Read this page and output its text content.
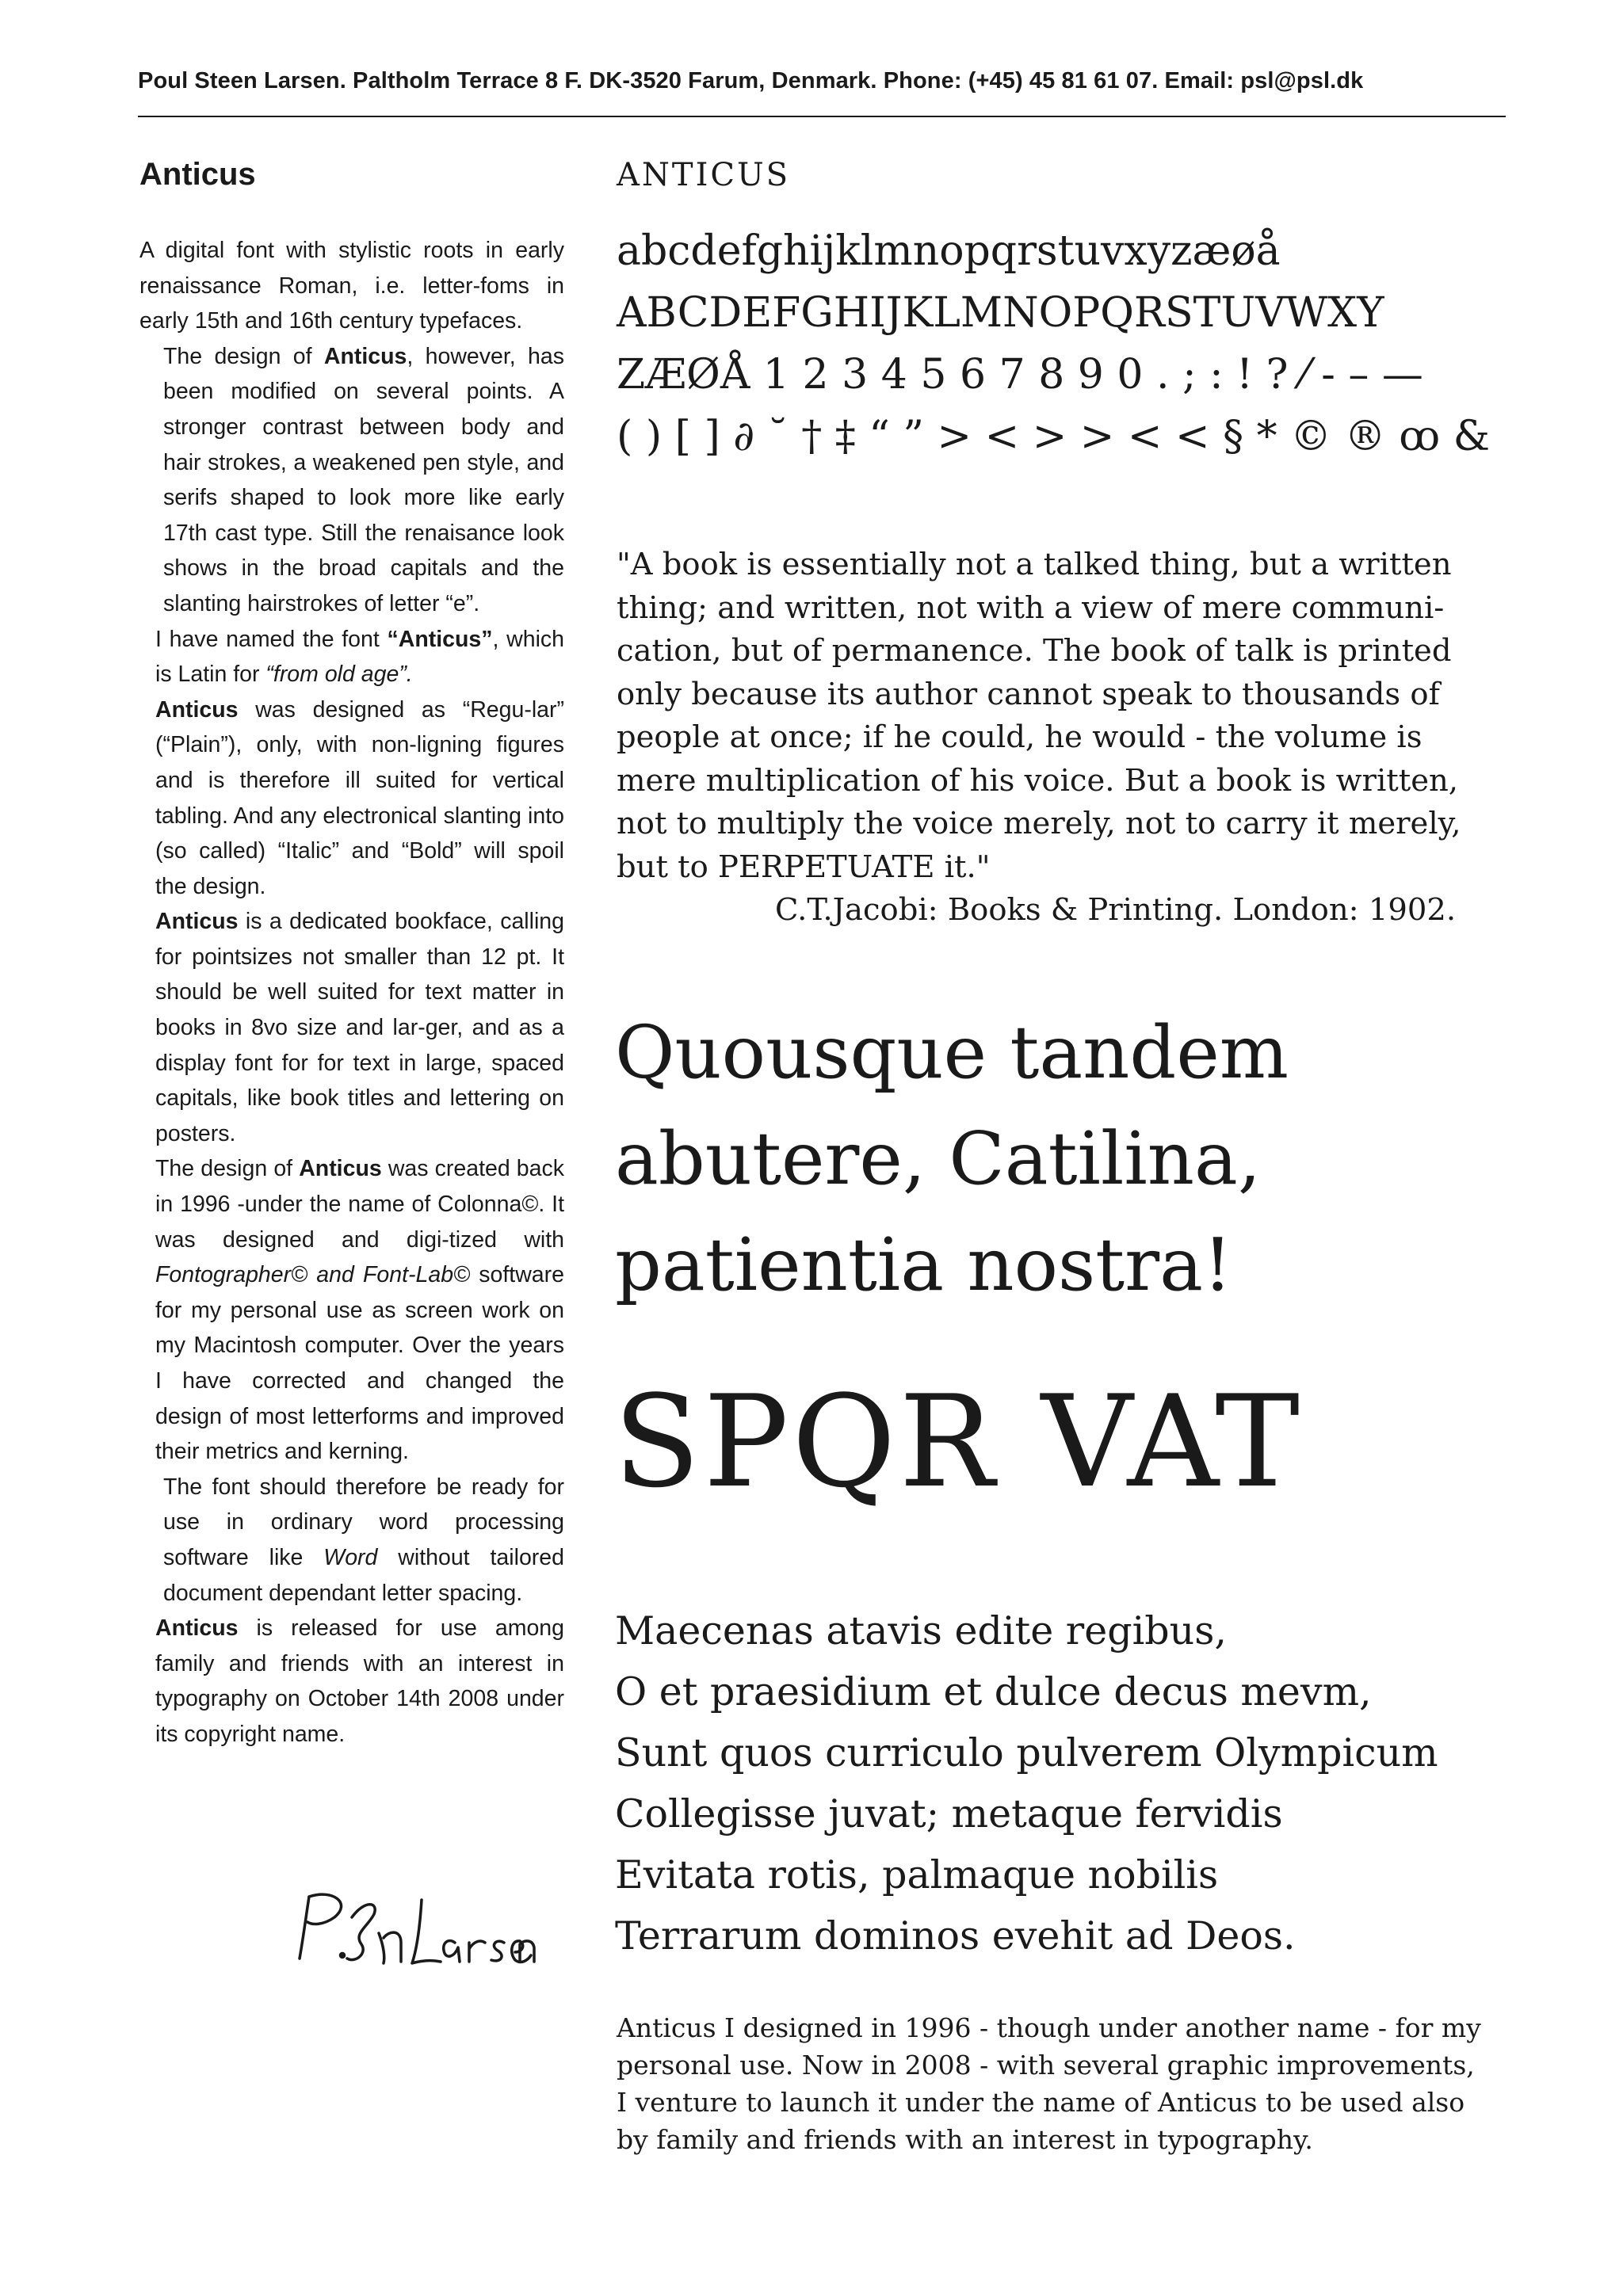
Poul Steen Larsen. Paltholm Terrace 8 F. DK-3520 Farum, Denmark. Phone: (+45) 45 81 61 07. Email: psl@psl.dk
Anticus

A digital font with stylistic roots in early renaissance Roman, i.e. letter-foms in early 15th and 16th century typefaces.

The design of Anticus, however, has been modified on several points. A stronger contrast between body and hair strokes, a weakened pen style, and serifs shaped to look more like early 17th cast type. Still the renaisance look shows in the broad capitals and the slanting hairstrokes of letter “e”.

I have named the font “Anticus”, which is Latin for “from old age”.

Anticus was designed as “Regu-lar” (“Plain”), only, with non-ligning figures and is therefore ill suited for vertical tabling. And any electronical slanting into (so called) “Italic” and “Bold” will spoil the design.

Anticus is a dedicated bookface, calling for pointsizes not smaller than 12 pt. It should be well suited for text matter in books in 8vo size and lar-ger, and as a display font for for text in large, spaced capitals, like book titles and lettering on posters.

The design of Anticus was created back in 1996 -under the name of Colonna©. It was designed and digi-tized with Fontographer© and Font-Lab© software for my personal use as screen work on my Macintosh computer. Over the years I have corrected and changed the design of most letterforms and improved their metrics and kerning.

The font should therefore be ready for use in ordinary word processing software like Word without tailored document dependant letter spacing.

Anticus is released for use among family and friends with an interest in typography on October 14th 2008 under its copyright name.

ANTICUS
abcdefghijklmnopqrstuvxyzæøå
ABCDEFGHIJKLMNOPQRSTUVWXY
ZÆØÅ 1 2 3 4 5 6 7 8 9 0 . ; : ! ? ⁄ - – —
( ) [ ] ∂ ˘ † ‡ “ ” > < > > < < § * © ® ꝏ &
"A book is essentially not a talked thing, but a written
thing; and written, not with a view of mere communi-
cation, but of permanence. The book of talk is printed
only because its author cannot speak to thousands of
people at once; if he could, he would - the volume is
mere multiplication of his voice. But a book is written,
not to multiply the voice merely, not to carry it merely,
but to PERPETUATE it."
C.T.Jacobi: Books & Printing. London: 1902.
Quousque tandem
abutere, Catilina,
patientia nostra!
SPQR VAT
Maecenas atavis edite regibus,
O et praesidium et dulce decus mevm,
Sunt quos curriculo pulverem Olympicum
Collegisse juvat; metaque fervidis
Evitata rotis, palmaque nobilis
Terrarum dominos evehit ad Deos.
Anticus I designed in 1996 - though under another name - for my
personal use. Now in 2008 - with several graphic improvements,
I venture to launch it under the name of Anticus to be used also
by family and friends with an interest in typography.
